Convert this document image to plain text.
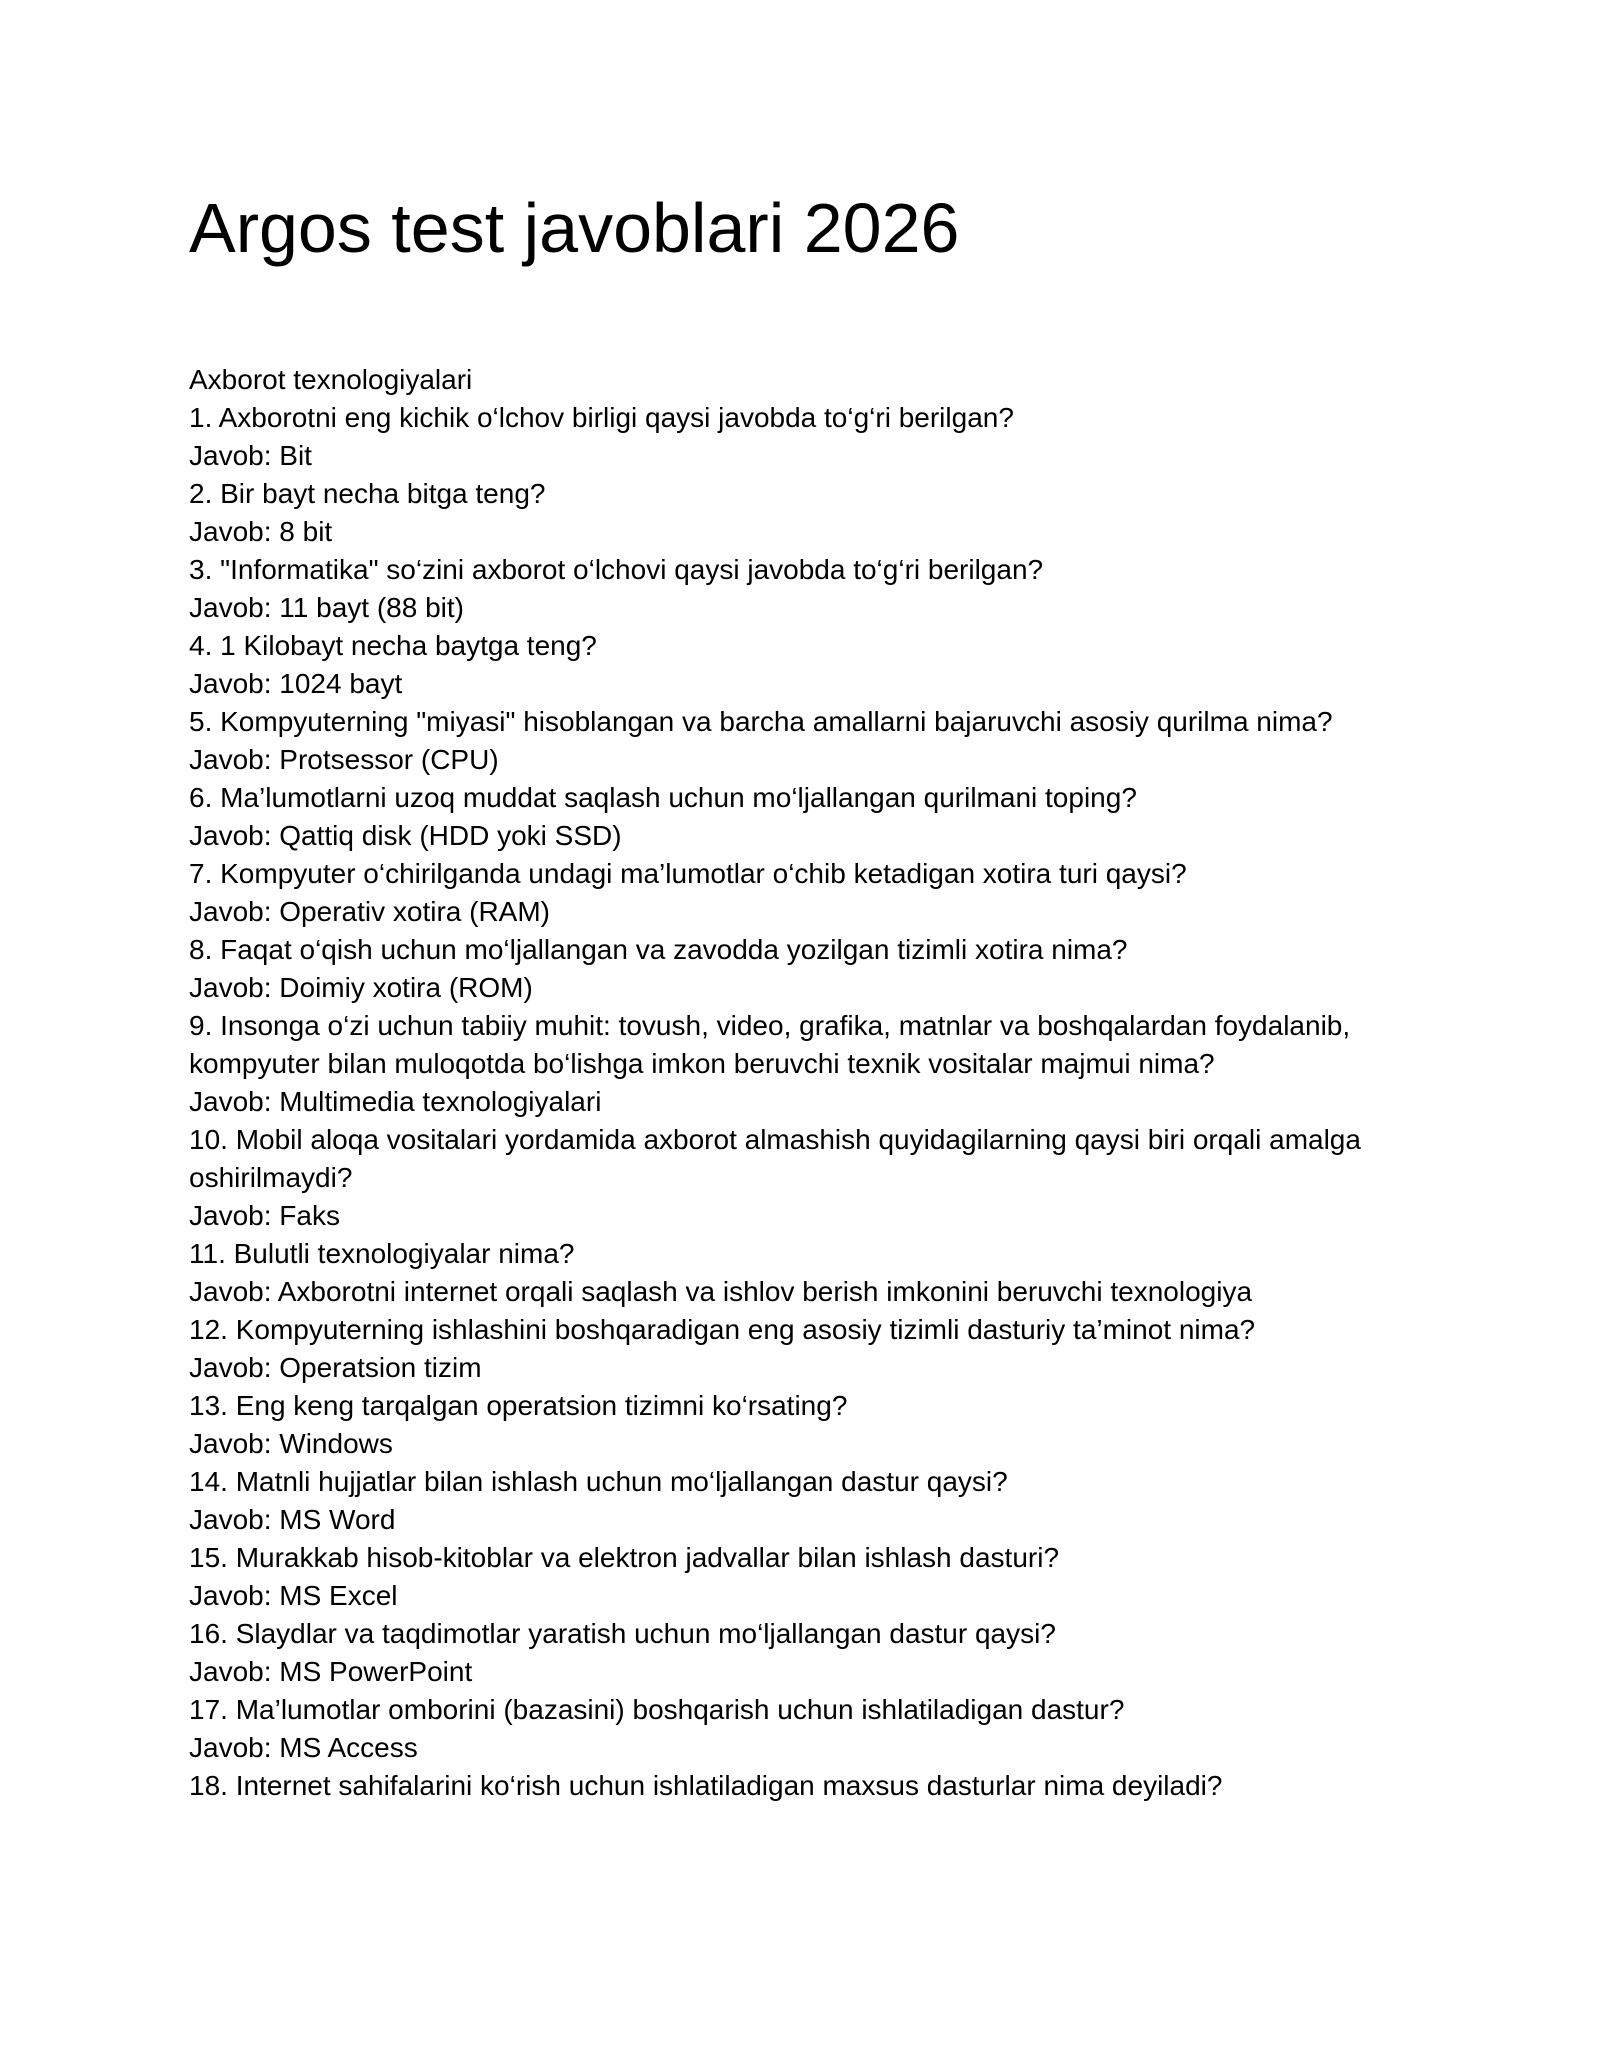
Argos test javoblari 2026

Axborot texnologiyalari

1. Axborotni eng kichik o‘lchov birligi qaysi javobda to‘g‘ri berilgan?

Javob: Bit

2. Bir bayt necha bitga teng?

Javob: 8 bit

3. "Informatika" so‘zini axborot o‘lchovi qaysi javobda to‘g‘ri berilgan?

Javob: 11 bayt (88 bit)

4. 1 Kilobayt necha baytga teng?

Javob: 1024 bayt

5. Kompyuterning "miyasi" hisoblangan va barcha amallarni bajaruvchi asosiy qurilma nima?

Javob: Protsessor (CPU)

6. Ma’lumotlarni uzoq muddat saqlash uchun mo‘ljallangan qurilmani toping?

Javob: Qattiq disk (HDD yoki SSD)

7. Kompyuter o‘chirilganda undagi ma’lumotlar o‘chib ketadigan xotira turi qaysi?

Javob: Operativ xotira (RAM)

8. Faqat o‘qish uchun mo‘ljallangan va zavodda yozilgan tizimli xotira nima?

Javob: Doimiy xotira (ROM)

9. Insonga o‘zi uchun tabiiy muhit: tovush, video, grafika, matnlar va boshqalardan foydalanib, kompyuter bilan muloqotda bo‘lishga imkon beruvchi texnik vositalar majmui nima?

Javob: Multimedia texnologiyalari

10. Mobil aloqa vositalari yordamida axborot almashish quyidagilarning qaysi biri orqali amalga oshirilmaydi?

Javob: Faks

11. Bulutli texnologiyalar nima?

Javob: Axborotni internet orqali saqlash va ishlov berish imkonini beruvchi texnologiya

12. Kompyuterning ishlashini boshqaradigan eng asosiy tizimli dasturiy ta’minot nima?

Javob: Operatsion tizim

13. Eng keng tarqalgan operatsion tizimni ko‘rsating?

Javob: Windows

14. Matnli hujjatlar bilan ishlash uchun mo‘ljallangan dastur qaysi?

Javob: MS Word

15. Murakkab hisob-kitoblar va elektron jadvallar bilan ishlash dasturi?

Javob: MS Excel

16. Slaydlar va taqdimotlar yaratish uchun mo‘ljallangan dastur qaysi?

Javob: MS PowerPoint

17. Ma’lumotlar omborini (bazasini) boshqarish uchun ishlatiladigan dastur?

Javob: MS Access

18. Internet sahifalarini ko‘rish uchun ishlatiladigan maxsus dasturlar nima deyiladi?
